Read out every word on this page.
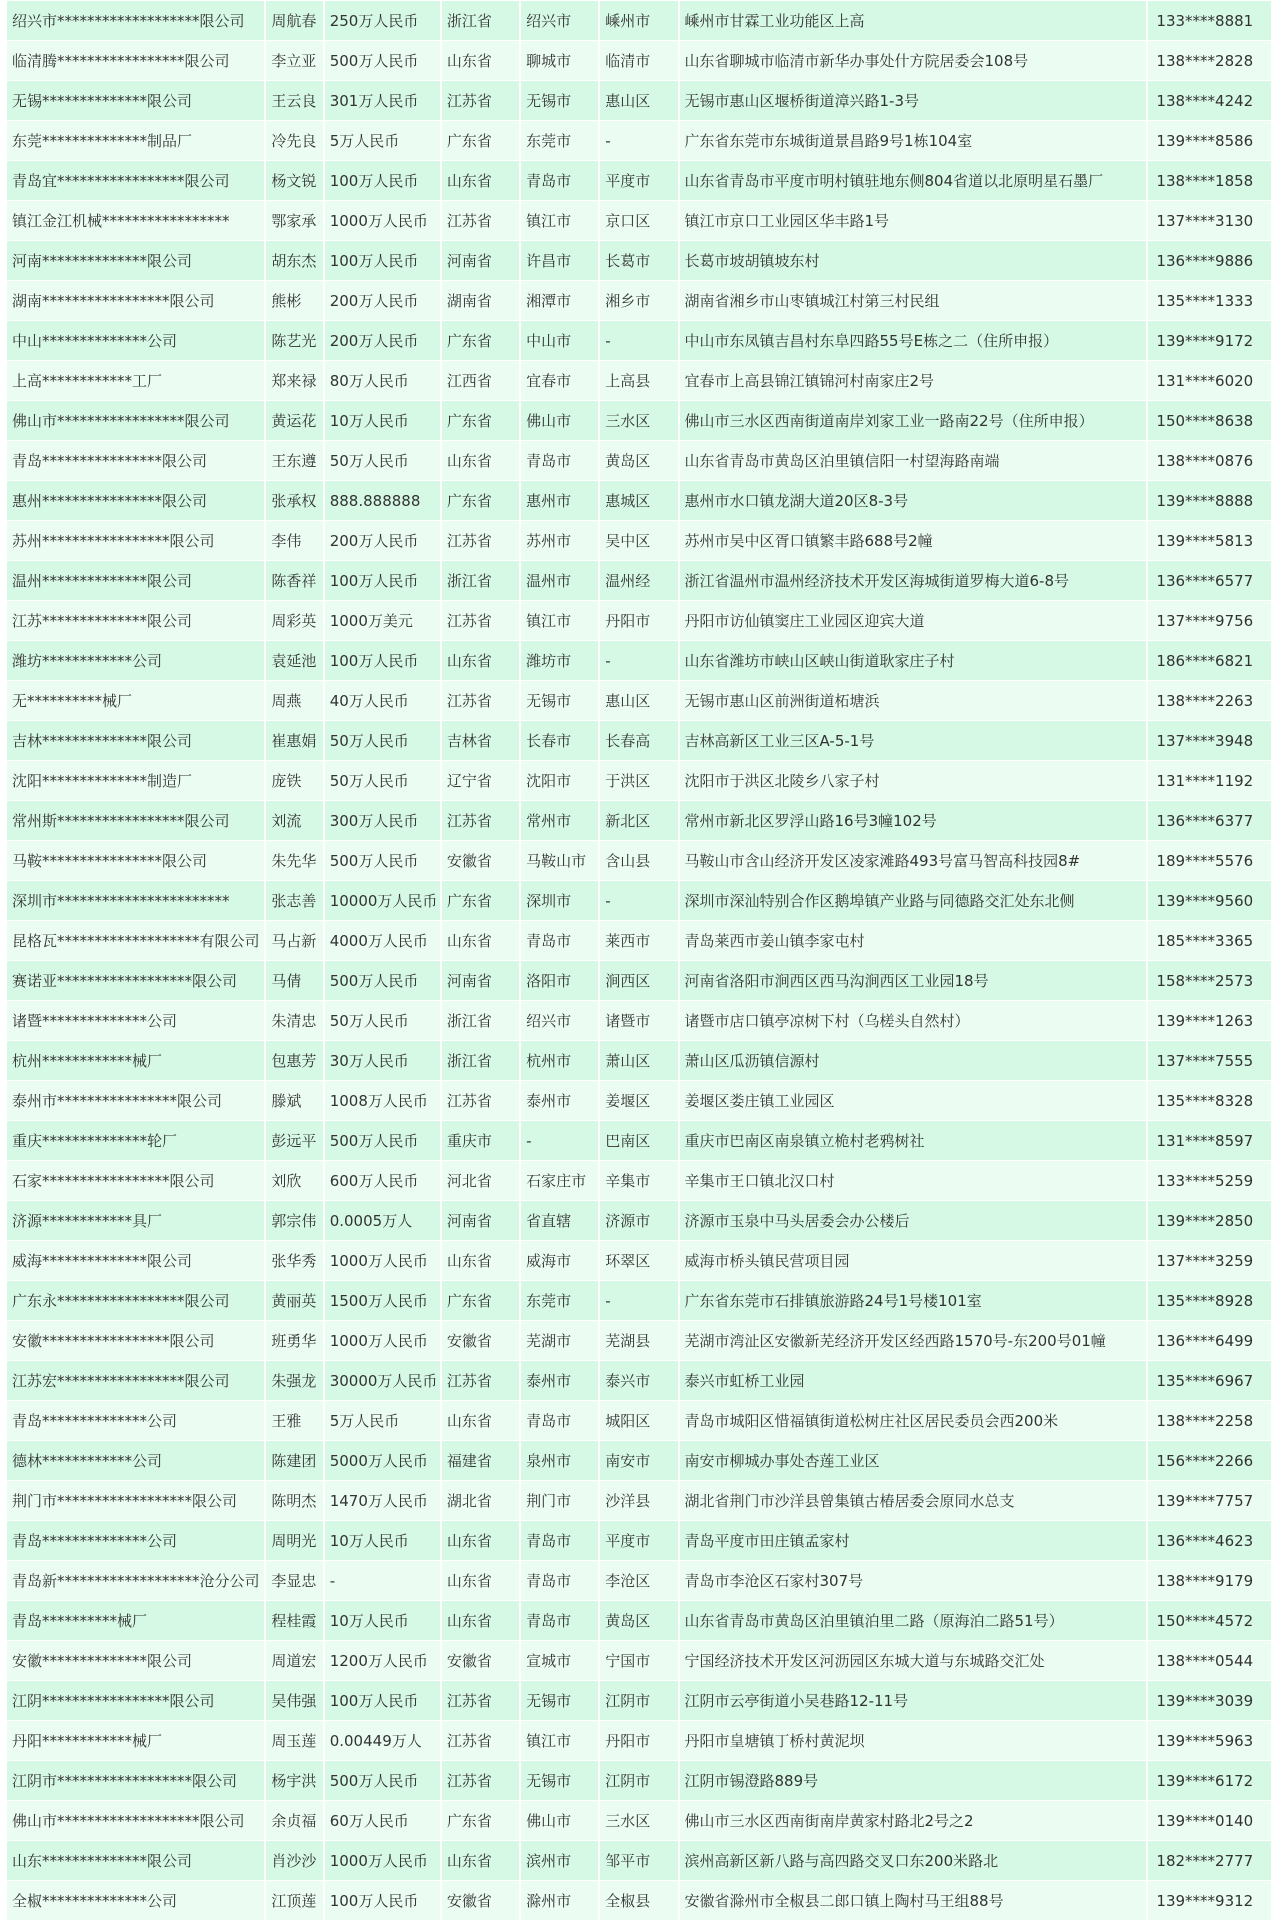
绍兴市*******************限公司	周航春	250万人民币	浙江省	绍兴市	嵊州市	嵊州市甘霖工业功能区上高	133****8881
临清腾*****************限公司	李立亚	500万人民币	山东省	聊城市	临清市	山东省聊城市临清市新华办事处什方院居委会108号	138****2828
无锡**************限公司	王云良	301万人民币	江苏省	无锡市	惠山区	无锡市惠山区堰桥街道漳兴路1-3号	138****4242
东莞**************制品厂	冷先良	5万人民币	广东省	东莞市	-	广东省东莞市东城街道景昌路9号1栋104室	139****8586
青岛宜*****************限公司	杨文锐	100万人民币	山东省	青岛市	平度市	山东省青岛市平度市明村镇驻地东侧804省道以北原明星石墨厂	138****1858
镇江金江机械*****************	鄂家承	1000万人民币	江苏省	镇江市	京口区	镇江市京口工业园区华丰路1号	137****3130
河南**************限公司	胡东杰	100万人民币	河南省	许昌市	长葛市	长葛市坡胡镇坡东村	136****9886
湖南*****************限公司	熊彬	200万人民币	湖南省	湘潭市	湘乡市	湖南省湘乡市山枣镇城江村第三村民组	135****1333
中山**************公司	陈艺光	200万人民币	广东省	中山市	-	中山市东凤镇吉昌村东阜四路55号E栋之二（住所申报）	139****9172
上高************工厂	郑来禄	80万人民币	江西省	宜春市	上高县	宜春市上高县锦江镇锦河村南家庄2号	131****6020
佛山市*****************限公司	黄运花	10万人民币	广东省	佛山市	三水区	佛山市三水区西南街道南岸刘家工业一路南22号（住所申报）	150****8638
青岛****************限公司	王东遵	50万人民币	山东省	青岛市	黄岛区	山东省青岛市黄岛区泊里镇信阳一村望海路南端	138****0876
惠州****************限公司	张承权	888.888888	广东省	惠州市	惠城区	惠州市水口镇龙湖大道20区8-3号	139****8888
苏州*****************限公司	李伟	200万人民币	江苏省	苏州市	吴中区	苏州市吴中区胥口镇繁丰路688号2幢	139****5813
温州**************限公司	陈香祥	100万人民币	浙江省	温州市	温州经	浙江省温州市温州经济技术开发区海城街道罗梅大道6-8号	136****6577
江苏**************限公司	周彩英	1000万美元	江苏省	镇江市	丹阳市	丹阳市访仙镇窦庄工业园区迎宾大道	137****9756
潍坊************公司	袁延池	100万人民币	山东省	潍坊市	-	山东省潍坊市峡山区峡山街道耿家庄子村	186****6821
无**********械厂	周燕	40万人民币	江苏省	无锡市	惠山区	无锡市惠山区前洲街道柘塘浜	138****2263
吉林**************限公司	崔惠娟	50万人民币	吉林省	长春市	长春高	吉林高新区工业三区A-5-1号	137****3948
沈阳**************制造厂	庞铁	50万人民币	辽宁省	沈阳市	于洪区	沈阳市于洪区北陵乡八家子村	131****1192
常州斯*****************限公司	刘流	300万人民币	江苏省	常州市	新北区	常州市新北区罗浮山路16号3幢102号	136****6377
马鞍****************限公司	朱先华	500万人民币	安徽省	马鞍山市	含山县	马鞍山市含山经济开发区凌家滩路493号富马智高科技园8#	189****5576
深圳市***********************	张志善	10000万人民币	广东省	深圳市	-	深圳市深汕特别合作区鹅埠镇产业路与同德路交汇处东北侧	139****9560
昆格瓦*******************有限公司	马占新	4000万人民币	山东省	青岛市	莱西市	青岛莱西市姜山镇李家屯村	185****3365
赛诺亚******************限公司	马倩	500万人民币	河南省	洛阳市	涧西区	河南省洛阳市涧西区西马沟涧西区工业园18号	158****2573
诸暨**************公司	朱清忠	50万人民币	浙江省	绍兴市	诸暨市	诸暨市店口镇亭凉树下村（乌槎头自然村）	139****1263
杭州************械厂	包惠芳	30万人民币	浙江省	杭州市	萧山区	萧山区瓜沥镇信源村	137****7555
泰州市****************限公司	滕斌	1008万人民币	江苏省	泰州市	姜堰区	姜堰区娄庄镇工业园区	135****8328
重庆**************轮厂	彭远平	500万人民币	重庆市	-	巴南区	重庆市巴南区南泉镇立桅村老鸦树社	131****8597
石家*****************限公司	刘欣	600万人民币	河北省	石家庄市	辛集市	辛集市王口镇北汉口村	133****5259
济源************具厂	郭宗伟	0.0005万人	河南省	省直辖	济源市	济源市玉泉中马头居委会办公楼后	139****2850
威海**************限公司	张华秀	1000万人民币	山东省	威海市	环翠区	威海市桥头镇民营项目园	137****3259
广东永*****************限公司	黄丽英	1500万人民币	广东省	东莞市	-	广东省东莞市石排镇旅游路24号1号楼101室	135****8928
安徽*****************限公司	班勇华	1000万人民币	安徽省	芜湖市	芜湖县	芜湖市湾沚区安徽新芜经济开发区经西路1570号-东200号01幢	136****6499
江苏宏*****************限公司	朱强龙	30000万人民币	江苏省	泰州市	泰兴市	泰兴市虹桥工业园	135****6967
青岛**************公司	王雅	5万人民币	山东省	青岛市	城阳区	青岛市城阳区惜福镇街道松树庄社区居民委员会西200米	138****2258
德林************公司	陈建团	5000万人民币	福建省	泉州市	南安市	南安市柳城办事处杏莲工业区	156****2266
荆门市******************限公司	陈明杰	1470万人民币	湖北省	荆门市	沙洋县	湖北省荆门市沙洋县曾集镇古椿居委会原同水总支	139****7757
青岛**************公司	周明光	10万人民币	山东省	青岛市	平度市	青岛平度市田庄镇孟家村	136****4623
青岛新*******************沧分公司	李显忠	-	山东省	青岛市	李沧区	青岛市李沧区石家村307号	138****9179
青岛**********械厂	程桂霞	10万人民币	山东省	青岛市	黄岛区	山东省青岛市黄岛区泊里镇泊里二路（原海泊二路51号）	150****4572
安徽**************限公司	周道宏	1200万人民币	安徽省	宣城市	宁国市	宁国经济技术开发区河沥园区东城大道与东城路交汇处	138****0544
江阴*****************限公司	吴伟强	100万人民币	江苏省	无锡市	江阴市	江阴市云亭街道小吴巷路12-11号	139****3039
丹阳************械厂	周玉莲	0.00449万人	江苏省	镇江市	丹阳市	丹阳市皇塘镇丁桥村黄泥坝	139****5963
江阴市******************限公司	杨宇洪	500万人民币	江苏省	无锡市	江阴市	江阴市锡澄路889号	139****6172
佛山市*******************限公司	余贞福	60万人民币	广东省	佛山市	三水区	佛山市三水区西南街南岸黄家村路北2号之2	139****0140
山东**************限公司	肖沙沙	1000万人民币	山东省	滨州市	邹平市	滨州高新区新八路与高四路交叉口东200米路北	182****2777
全椒**************公司	江顶莲	100万人民币	安徽省	滁州市	全椒县	安徽省滁州市全椒县二郎口镇上陶村马王组88号	139****9312
